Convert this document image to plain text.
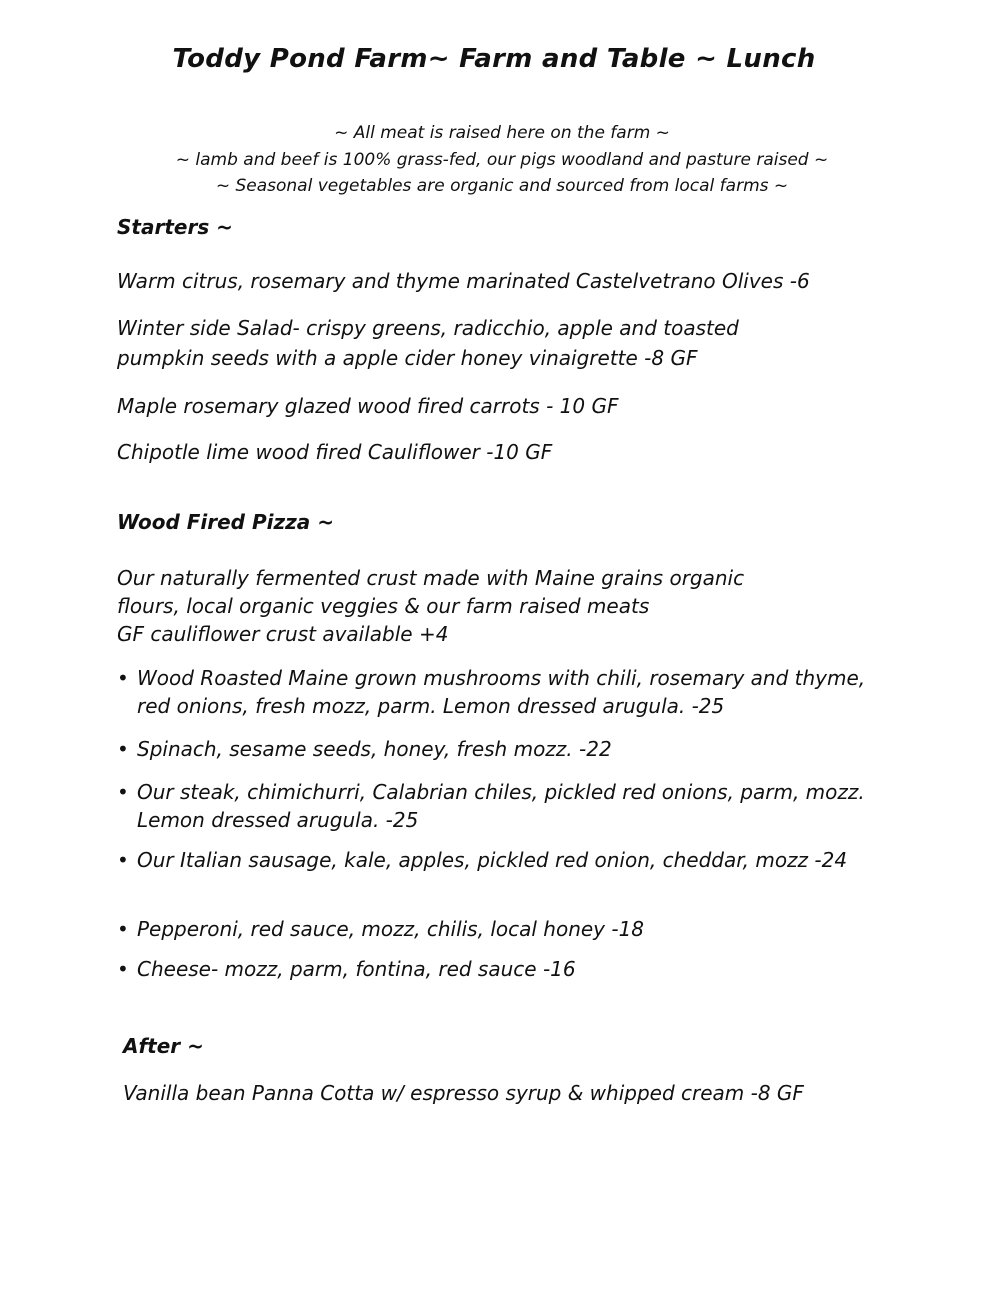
Toddy Pond Farm~ Farm and Table ~ Lunch
~ All meat is raised here on the farm ~
~ lamb and beef is 100% grass-fed, our pigs woodland and pasture raised ~
~ Seasonal vegetables are organic and sourced from local farms ~
Starters ~
Warm citrus, rosemary and thyme marinated Castelvetrano Olives -6
Winter side Salad- crispy greens, radicchio, apple and toasted
pumpkin seeds with a apple cider honey vinaigrette -8 GF
Maple rosemary glazed wood fired carrots - 10 GF
Chipotle lime wood fired Cauliflower -10 GF
Wood Fired Pizza ~
Our naturally fermented crust made with Maine grains organic
flours, local organic veggies & our farm raised meats
GF cauliflower crust available +4
• Wood Roasted Maine grown mushrooms with chili, rosemary and thyme, red onions, fresh mozz, parm. Lemon dressed arugula. -25
• Spinach, sesame seeds, honey, fresh mozz. -22
• Our steak, chimichurri, Calabrian chiles, pickled red onions, parm, mozz. Lemon dressed arugula. -25
• Our Italian sausage, kale, apples, pickled red onion, cheddar, mozz -24
• Pepperoni, red sauce, mozz, chilis, local honey -18
• Cheese- mozz, parm, fontina, red sauce -16
After ~
Vanilla bean Panna Cotta w/ espresso syrup & whipped cream -8 GF
